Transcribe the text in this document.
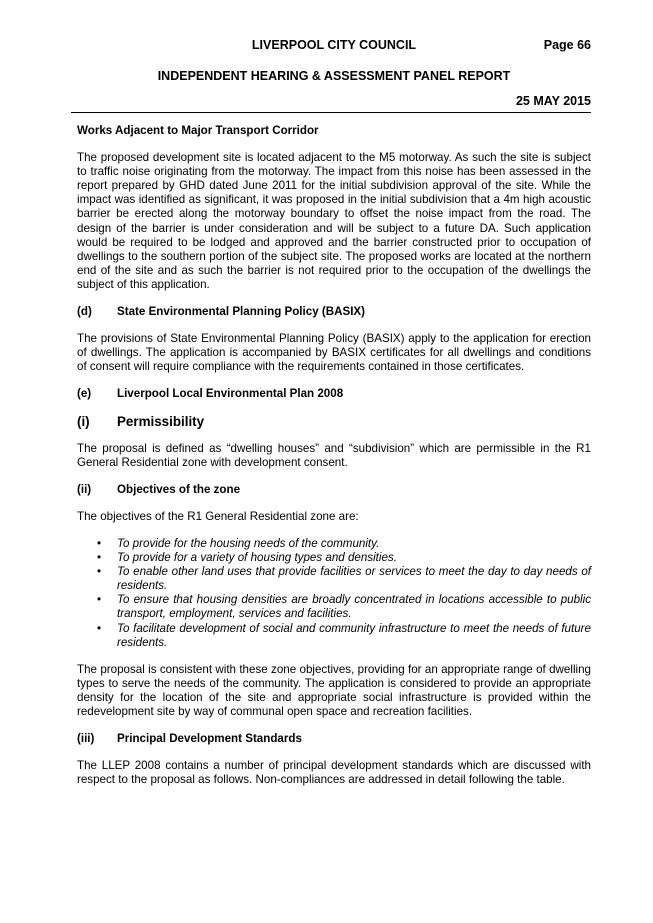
LIVERPOOL CITY COUNCIL	Page 66
INDEPENDENT HEARING & ASSESSMENT PANEL REPORT
25 MAY 2015
Works Adjacent to Major Transport Corridor

The proposed development site is located adjacent to the M5 motorway. As such the site is subject to traffic noise originating from the motorway. The impact from this noise has been assessed in the report prepared by GHD dated June 2011 for the initial subdivision approval of the site. While the impact was identified as significant, it was proposed in the initial subdivision that a 4m high acoustic barrier be erected along the motorway boundary to offset the noise impact from the road. The design of the barrier is under consideration and will be subject to a future DA. Such application would be required to be lodged and approved and the barrier constructed prior to occupation of dwellings to the southern portion of the subject site. The proposed works are located at the northern end of the site and as such the barrier is not required prior to the occupation of the dwellings the subject of this application.

(d) State Environmental Planning Policy (BASIX)

The provisions of State Environmental Planning Policy (BASIX) apply to the application for erection of dwellings. The application is accompanied by BASIX certificates for all dwellings and conditions of consent will require compliance with the requirements contained in those certificates.

(e) Liverpool Local Environmental Plan 2008
(i) Permissibility

The proposal is defined as “dwelling houses” and “subdivision” which are permissible in the R1 General Residential zone with development consent.

(ii) Objectives of the zone

The objectives of the R1 General Residential zone are:

• To provide for the housing needs of the community.
• To provide for a variety of housing types and densities.
• To enable other land uses that provide facilities or services to meet the day to day needs of residents.
• To ensure that housing densities are broadly concentrated in locations accessible to public transport, employment, services and facilities.
• To facilitate development of social and community infrastructure to meet the needs of future residents.

The proposal is consistent with these zone objectives, providing for an appropriate range of dwelling types to serve the needs of the community. The application is considered to provide an appropriate density for the location of the site and appropriate social infrastructure is provided within the redevelopment site by way of communal open space and recreation facilities.

(iii) Principal Development Standards

The LLEP 2008 contains a number of principal development standards which are discussed with respect to the proposal as follows. Non-compliances are addressed in detail following the table.
